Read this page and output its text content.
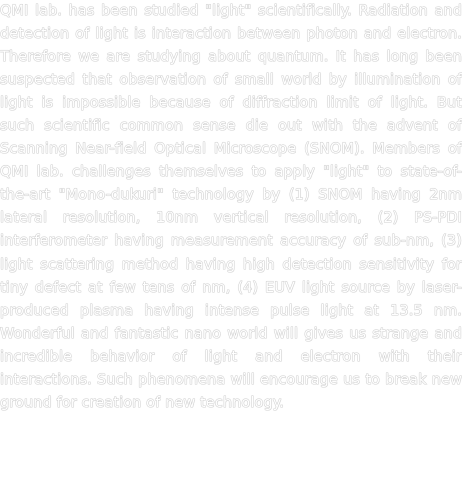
QMI lab. has been studied "light" scientifically. Radiation and detection of light is interaction between photon and electron. Therefore we are studying about quantum. It has long been suspected that observation of small world by illumination of light is impossible because of diffraction limit of light. But such scientific common sense die out with the advent of Scanning Near-field Optical Microscope (SNOM). Members of QMI lab. challenges themselves to apply "light" to state-of-the-art "Mono-dukuri" technology by (1) SNOM having 2nm lateral resolution, 10nm vertical resolution, (2) PS-PDI interferometer having measurement accuracy of sub-nm, (3) light scattering method having high detection sensitivity for tiny defect at few tens of nm, (4) EUV light source by laser-produced plasma having intense pulse light at 13.5 nm. Wonderful and fantastic nano world will gives us strange and incredible behavior of light and electron with their interactions. Such phenomena will encourage us to break new ground for creation of new technology.
